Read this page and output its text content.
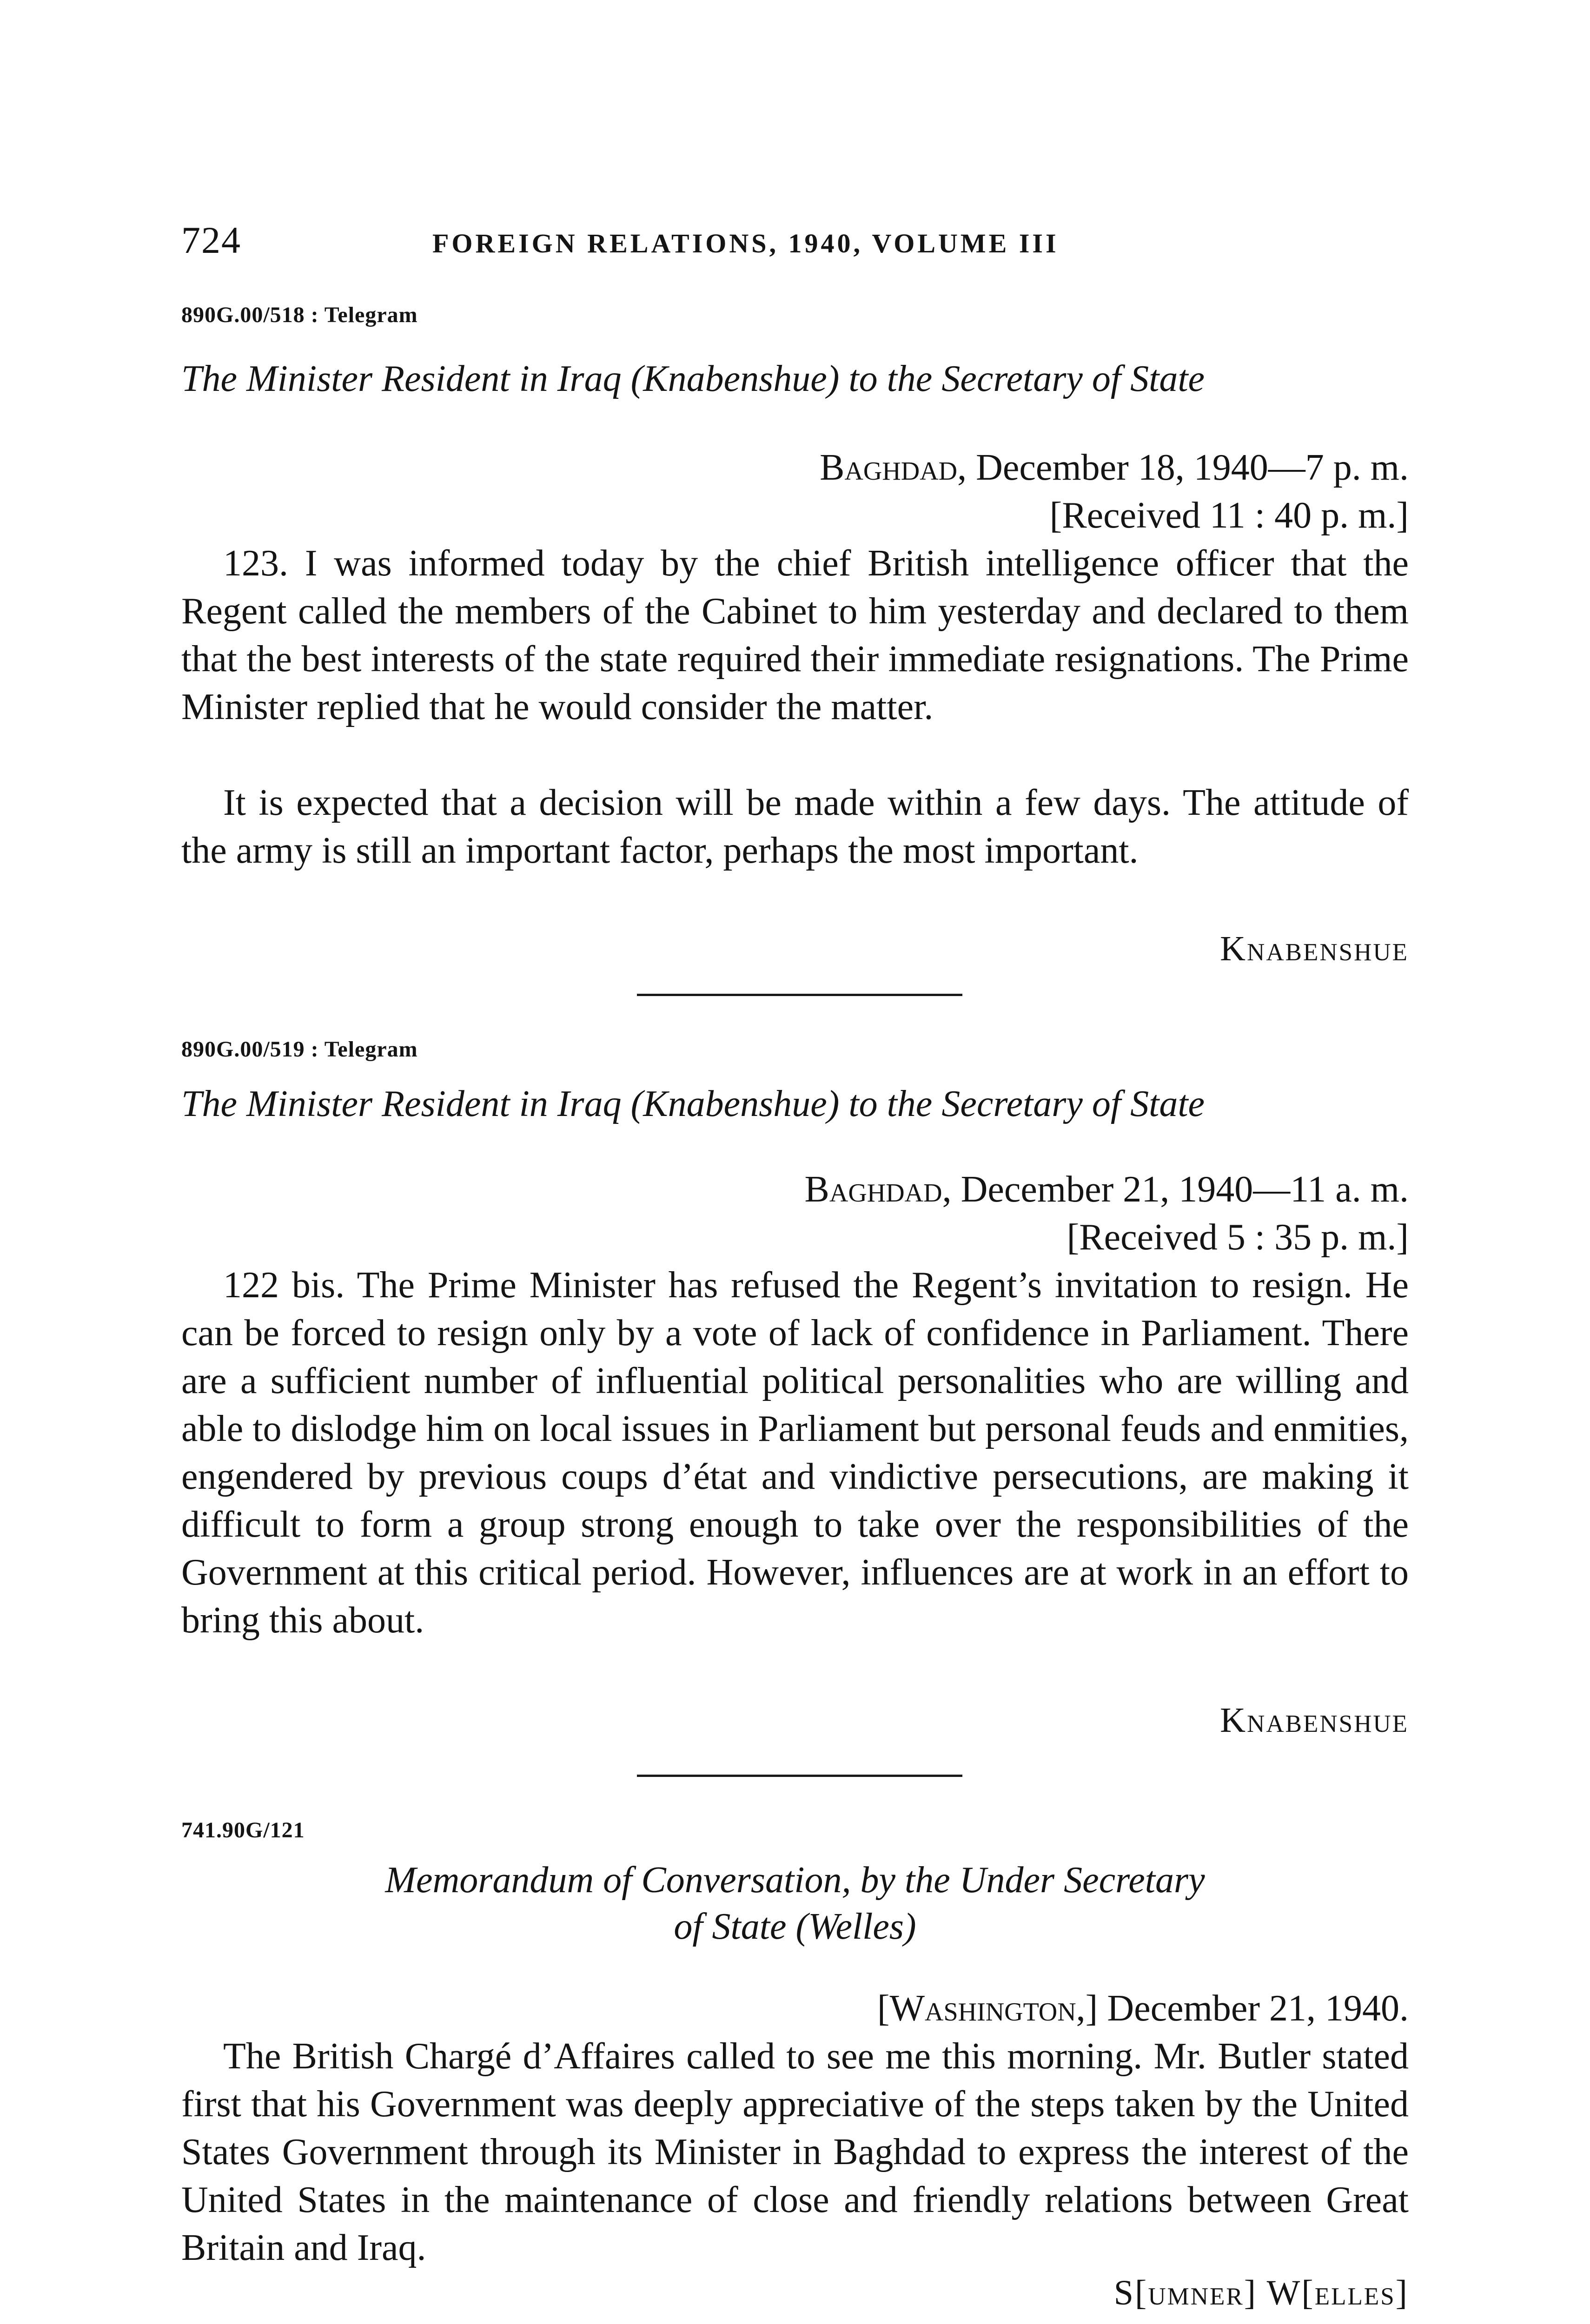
724	FOREIGN RELATIONS, 1940, VOLUME III
890G.00/518 : Telegram
The Minister Resident in Iraq (Knabenshue) to the Secretary of State
Baghdad, December 18, 1940—7 p. m.
[Received 11 : 40 p. m.]
123. I was informed today by the chief British intelligence officer that the Regent called the members of the Cabinet to him yesterday and declared to them that the best interests of the state required their immediate resignations. The Prime Minister replied that he would consider the matter.
It is expected that a decision will be made within a few days. The attitude of the army is still an important factor, perhaps the most important.
Knabenshue
890G.00/519 : Telegram
The Minister Resident in Iraq (Knabenshue) to the Secretary of State
Baghdad, December 21, 1940—11 a. m.
[Received 5 : 35 p. m.]
122 bis. The Prime Minister has refused the Regent’s invitation to resign. He can be forced to resign only by a vote of lack of confidence in Parliament. There are a sufficient number of influential political personalities who are willing and able to dislodge him on local issues in Parliament but personal feuds and enmities, engendered by previous coups d’état and vindictive persecutions, are making it difficult to form a group strong enough to take over the responsibilities of the Government at this critical period. However, influences are at work in an effort to bring this about.
Knabenshue
741.90G/121
Memorandum of Conversation, by the Under Secretary
of State (Welles)
[Washington,] December 21, 1940.
The British Chargé d’Affaires called to see me this morning. Mr. Butler stated first that his Government was deeply appreciative of the steps taken by the United States Government through its Minister in Baghdad to express the interest of the United States in the maintenance of close and friendly relations between Great Britain and Iraq.
S[umner] W[elles]
